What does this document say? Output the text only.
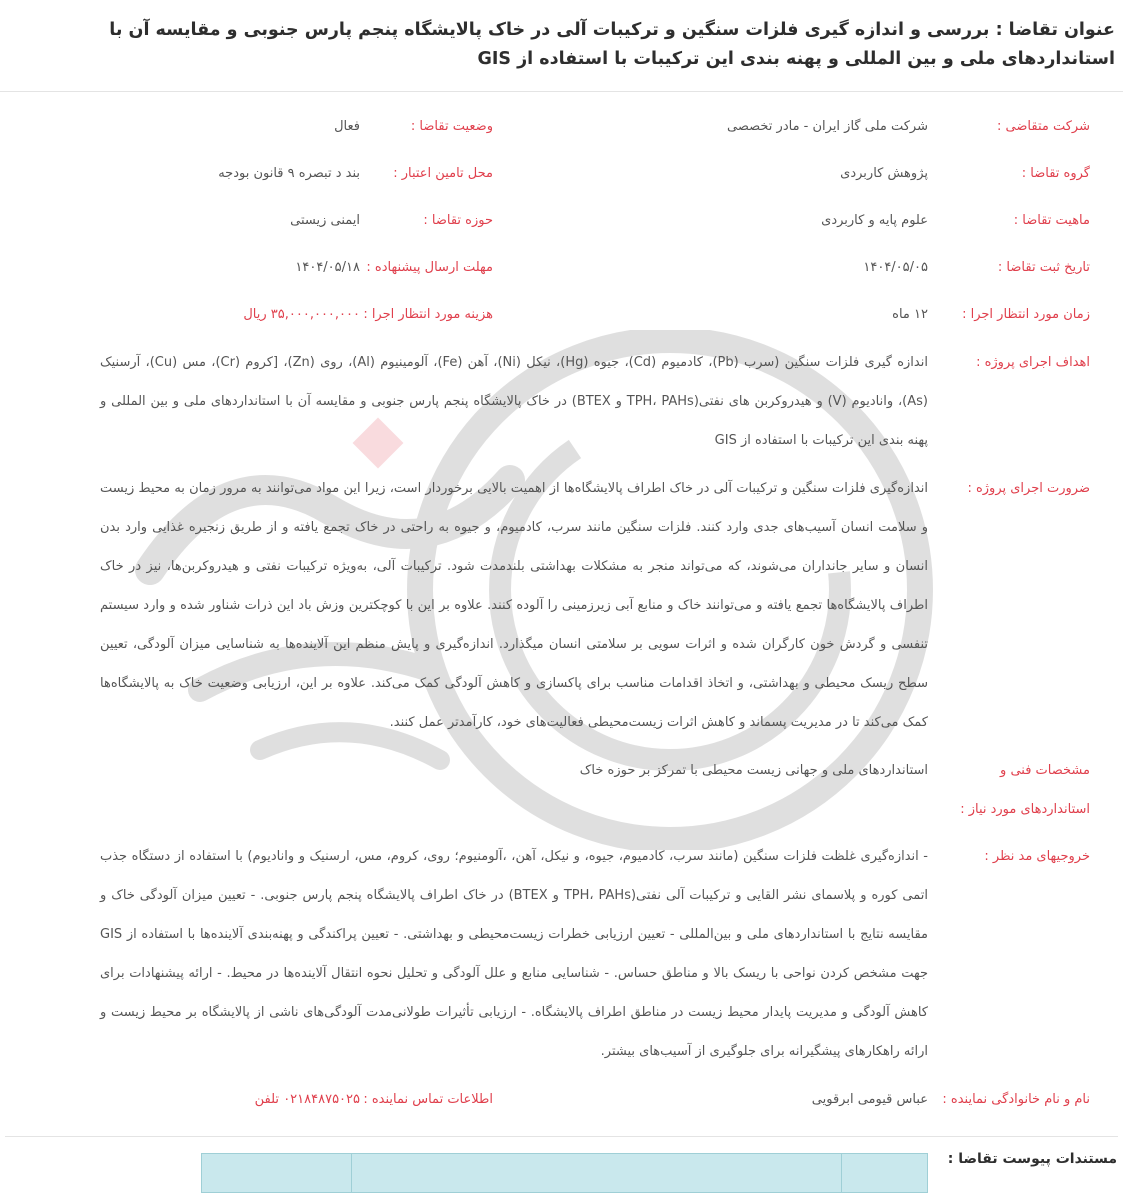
عنوان تقاضا : بررسی و اندازه گیری فلزات سنگین و ترکیبات آلی در خاک پالایشگاه پنجم پارس جنوبی و مقایسه آن با استانداردهای ملی و بین المللی و پهنه بندی این ترکیبات با استفاده از GIS
شرکت متقاضی :
شرکت ملی گاز ایران - مادر تخصصی
وضعیت تقاضا :
فعال
گروه تقاضا :
پژوهش کاربردی
محل تامین اعتبار :
بند د تبصره ۹ قانون بودجه
ماهیت تقاضا :
علوم پایه و کاربردی
حوزه تقاضا :
ایمنی زیستی
تاریخ ثبت تقاضا :
۱۴۰۴/۰۵/۰۵
مهلت ارسال پیشنهاده :
۱۴۰۴/۰۵/۱۸
زمان مورد انتظار اجرا :
۱۲ ماه
هزینه مورد انتظار اجرا :
۳۵,۰۰۰,۰۰۰,۰۰۰ ریال
اهداف اجرای پروژه :
اندازه گیری فلزات سنگین (سرب (Pb)، کادمیوم (Cd)، جیوه (Hg)، نیکل (Ni)، آهن (Fe)، آلومینیوم (Al)، روی (Zn)، [کروم (Cr)، مس (Cu)، آرسنیک (As)، وانادیوم (V) و هیدروکربن های نفتی(TPH، PAHs و BTEX) در خاک پالایشگاه پنجم پارس جنوبی و مقایسه آن با استانداردهای ملی و بین المللی و پهنه بندی این ترکیبات با استفاده از GIS
ضرورت اجرای پروژه :
اندازه‌گیری فلزات سنگین و ترکیبات آلی در خاک اطراف پالایشگاه‌ها از اهمیت بالایی برخوردار است، زیرا این مواد می‌توانند به مرور زمان به محیط زیست و سلامت انسان آسیب‌های جدی وارد کنند. فلزات سنگین مانند سرب، کادمیوم، و جیوه به راحتی در خاک تجمع یافته و از طریق زنجیره غذایی وارد بدن انسان و سایر جانداران می‌شوند، که می‌تواند منجر به مشکلات بهداشتی بلندمدت شود. ترکیبات آلی، به‌ویژه ترکیبات نفتی و هیدروکربن‌ها، نیز در خاک اطراف پالایشگاه‌ها تجمع یافته و می‌توانند خاک و منابع آبی زیرزمینی را آلوده کنند. علاوه بر این با کوچکترین وزش باد این ذرات شناور شده و وارد سیستم تنفسی و گردش خون کارگران شده و اثرات سویی بر سلامتی انسان میگذارد. اندازه‌گیری و پایش منظم این آلاینده‌ها به شناسایی میزان آلودگی، تعیین سطح ریسک محیطی و بهداشتی، و اتخاذ اقدامات مناسب برای پاکسازی و کاهش آلودگی کمک می‌کند. علاوه بر این، ارزیابی وضعیت خاک به پالایشگاه‌ها کمک می‌کند تا در مدیریت پسماند و کاهش اثرات زیست‌محیطی فعالیت‌های خود، کارآمدتر عمل کنند.
مشخصات فنی و
استانداردهای مورد نیاز :
استانداردهای ملی و جهانی زیست محیطی با تمرکز بر حوزه خاک
خروجیهای مد نظر :
- اندازه‌گیری غلظت فلزات سنگین (مانند سرب، کادمیوم، جیوه، و نیکل، آهن، ،آلومنیوم؛ روی، کروم، مس، ارسنیک و وانادیوم) با استفاده از دستگاه جذب اتمی کوره و پلاسمای نشر القایی و ترکیبات آلی نفتی(TPH، PAHs و BTEX) در خاک اطراف پالایشگاه پنجم پارس جنوبی. - تعیین میزان آلودگی خاک و مقایسه نتایج با استانداردهای ملی و بین‌المللی - تعیین ارزیابی خطرات زیست‌محیطی و بهداشتی. - تعیین پراکندگی و پهنه‌بندی آلاینده‌ها با استفاده از GIS جهت مشخص کردن نواحی با ریسک بالا و مناطق حساس. - شناسایی منابع و علل آلودگی و تحلیل نحوه انتقال آلاینده‌ها در محیط. - ارائه پیشنهادات برای کاهش آلودگی و مدیریت پایدار محیط زیست در مناطق اطراف پالایشگاه. - ارزیابی تأثیرات طولانی‌مدت آلودگی‌های ناشی از پالایشگاه بر محیط زیست و ارائه راهکارهای پیشگیرانه برای جلوگیری از آسیب‌های بیشتر.
نام و نام خانوادگی نماینده :
عباس قیومی ابرقویی
اطلاعات تماس نماینده :
۰۲۱۸۴۸۷۵۰۲۵ تلفن
مستندات پیوست تقاضا :
